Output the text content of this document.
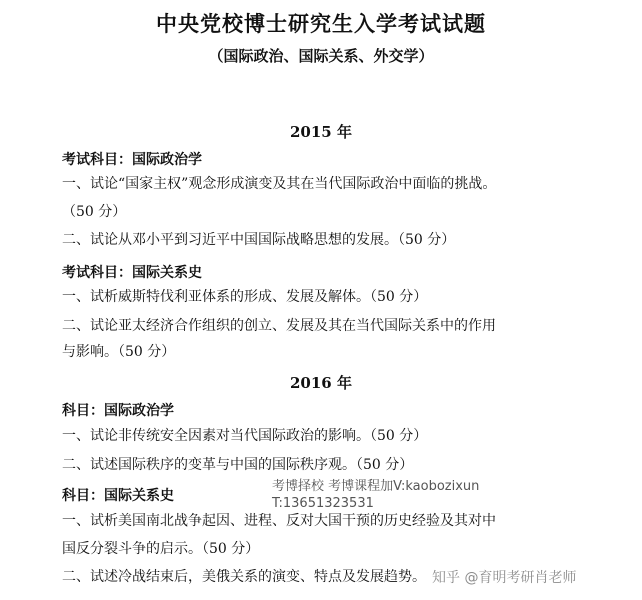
中央党校博士研究生入学考试试题
（国际政治、国际关系、外交学）
2015 年
考试科目：国际政治学
一、试论“国家主权”观念形成演变及其在当代国际政治中面临的挑战。
（50 分）
二、试论从邓小平到习近平中国国际战略思想的发展。（50 分）
考试科目：国际关系史
一、试析威斯特伐利亚体系的形成、发展及解体。（50 分）
二、试论亚太经济合作组织的创立、发展及其在当代国际关系中的作用
与影响。（50 分）
2016 年
科目：国际政治学
一、试论非传统安全因素对当代国际政治的影响。（50 分）
二、试述国际秩序的变革与中国的国际秩序观。（50 分）
科目：国际关系史
一、试析美国南北战争起因、进程、反对大国干预的历史经验及其对中
国反分裂斗争的启示。（50 分）
二、试述冷战结束后，美俄关系的演变、特点及发展趋势。
考博择校 考博课程加V:kaobozixun
T:13651323531
知乎 @育明考研肖老师
